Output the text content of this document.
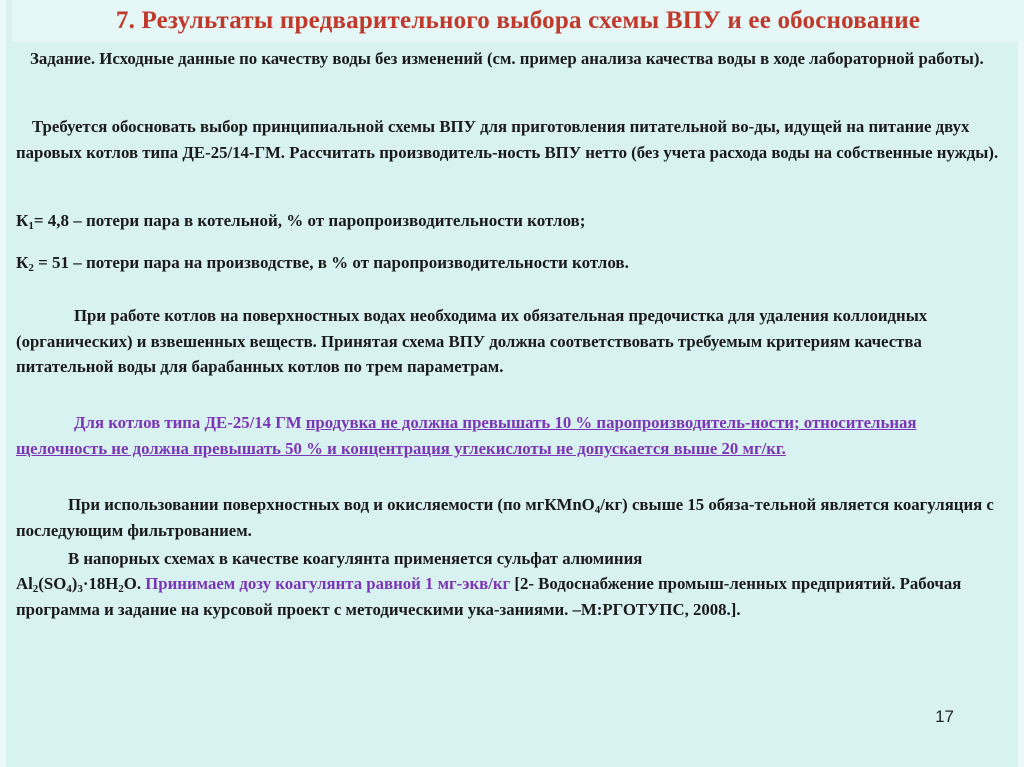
7. Результаты предварительного выбора схемы ВПУ и ее обоснование
Задание. Исходные данные по качеству воды без изменений (см. пример анализа качества воды в ходе лабораторной работы).
Требуется обосновать выбор принципиальной схемы ВПУ для приготовления питательной во-ды, идущей на питание двух паровых котлов типа ДЕ-25/14-ГМ. Рассчитать производитель-ность ВПУ нетто (без учета расхода воды на собственные нужды).
$К_1= 4,8$ – потери пара в котельной, % от паропроизводительности котлов;
$К_2 = 51$ – потери пара на производстве, в % от паропроизводительности котлов.
При работе котлов на поверхностных водах необходима их обязательная предочистка для удаления коллоидных (органических) и взвешенных веществ. Принятая схема ВПУ должна соответствовать требуемым критериям качества питательной воды для барабанных котлов по трем параметрам.
Для котлов типа ДЕ-25/14 ГМ продувка не должна превышать 10 % паропроизводитель-ности; относительная щелочность не должна превышать 50 % и концентрация углекислоты не допускается выше 20 мг/кг.
При использовании поверхностных вод и окисляемости (по мгКMnO$_4$/кг) свыше 15 обяза-тельной является коагуляция с последующим фильтрованием.
В напорных схемах в качестве коагулянта применяется сульфат алюминия
$Al_2(SO_4)_3\cdot 18H_2O$. Принимаем дозу коагулянта равной 1 мг-экв/кг [2- Водоснабжение промыш-ленных предприятий. Рабочая программа и задание на курсовой проект с методическими ука-заниями. –М:РГОТУПС, 2008.].
17
